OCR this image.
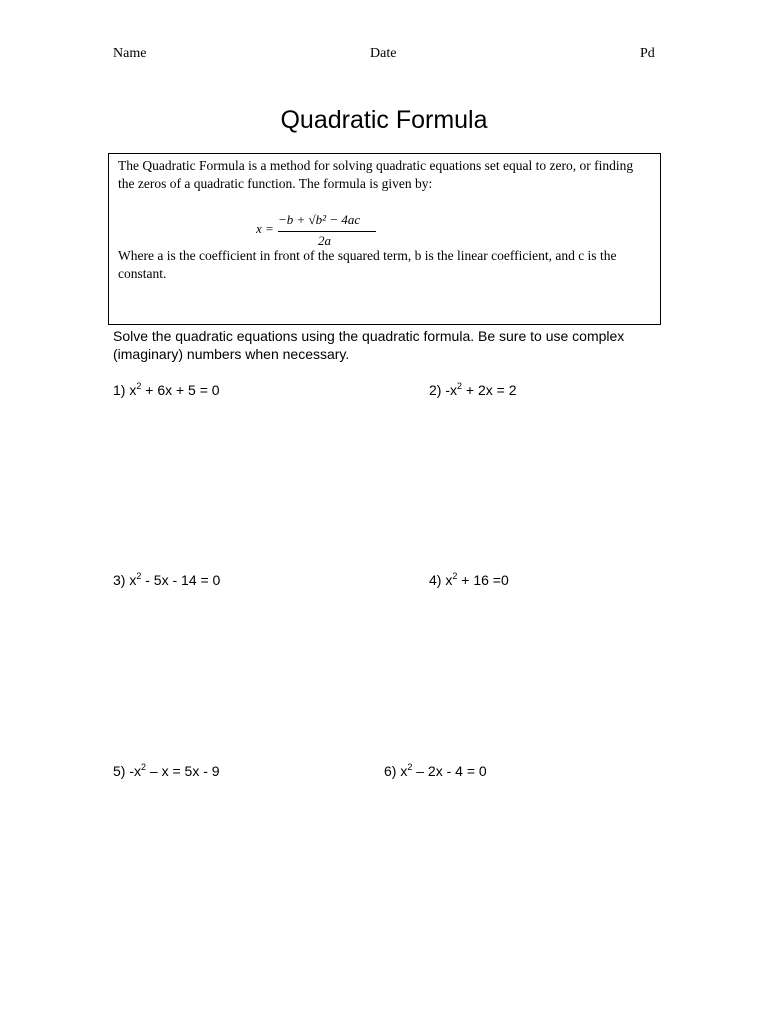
Name	Date	Pd
Quadratic Formula
The Quadratic Formula is a method for solving quadratic equations set equal to zero, or finding the zeros of a quadratic function. The formula is given by:
x =
−b + √b² − 4ac
2a
Where a is the coefficient in front of the squared term, b is the linear coefficient, and c is the constant.
Solve the quadratic equations using the quadratic formula. Be sure to use complex (imaginary) numbers when necessary.
1) $x^2 + 6x + 5 = 0$	2) $-x^2 + 2x = 2$
3) $x^2 - 5x - 14 = 0$	4) $x^2 + 16 =0$
5) $-x^2 - x = 5x - 9$	6) $x^2 - 2x - 4 = 0$
